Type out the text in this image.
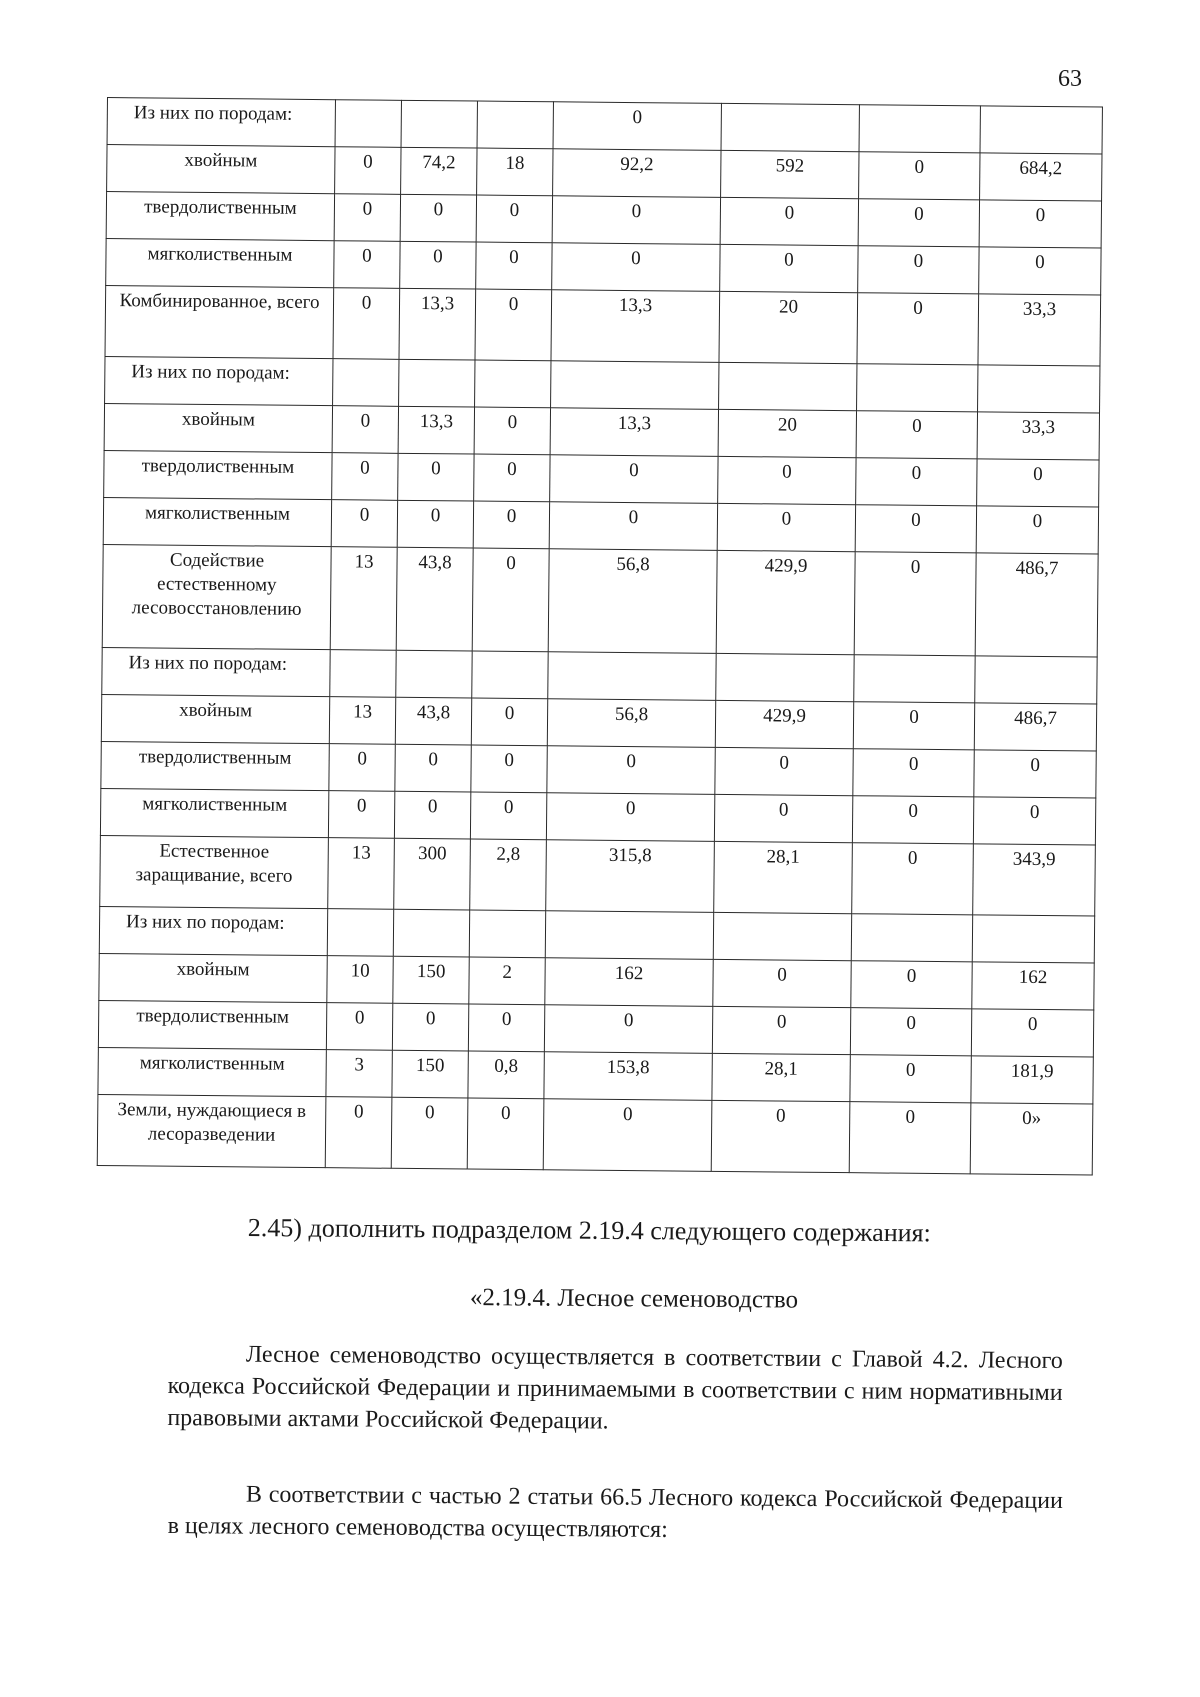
63
Из них по породам:				0			
хвойным	0	74,2	18	92,2	592	0	684,2
твердолиственным	0	0	0	0	0	0	0
мягколиственным	0	0	0	0	0	0	0
Комбинированное, всего	0	13,3	0	13,3	20	0	33,3
Из них по породам:							
хвойным	0	13,3	0	13,3	20	0	33,3
твердолиственным	0	0	0	0	0	0	0
мягколиственным	0	0	0	0	0	0	0
Содействие естественному лесовосстановлению	13	43,8	0	56,8	429,9	0	486,7
Из них по породам:							
хвойным	13	43,8	0	56,8	429,9	0	486,7
твердолиственным	0	0	0	0	0	0	0
мягколиственным	0	0	0	0	0	0	0
Естественное заращивание, всего	13	300	2,8	315,8	28,1	0	343,9
Из них по породам:							
хвойным	10	150	2	162	0	0	162
твердолиственным	0	0	0	0	0	0	0
мягколиственным	3	150	0,8	153,8	28,1	0	181,9
Земли, нуждающиеся в лесоразведении	0	0	0	0	0	0	0»
2.45) дополнить подразделом 2.19.4 следующего содержания:
«2.19.4. Лесное семеноводство

Лесное семеноводство осуществляется в соответствии с Главой 4.2. Лесного кодекса Российской Федерации и принимаемыми в соответствии с ним нормативными правовыми актами Российской Федерации.

В соответствии с частью 2 статьи 66.5 Лесного кодекса Российской Федерации в целях лесного семеноводства осуществляются:
